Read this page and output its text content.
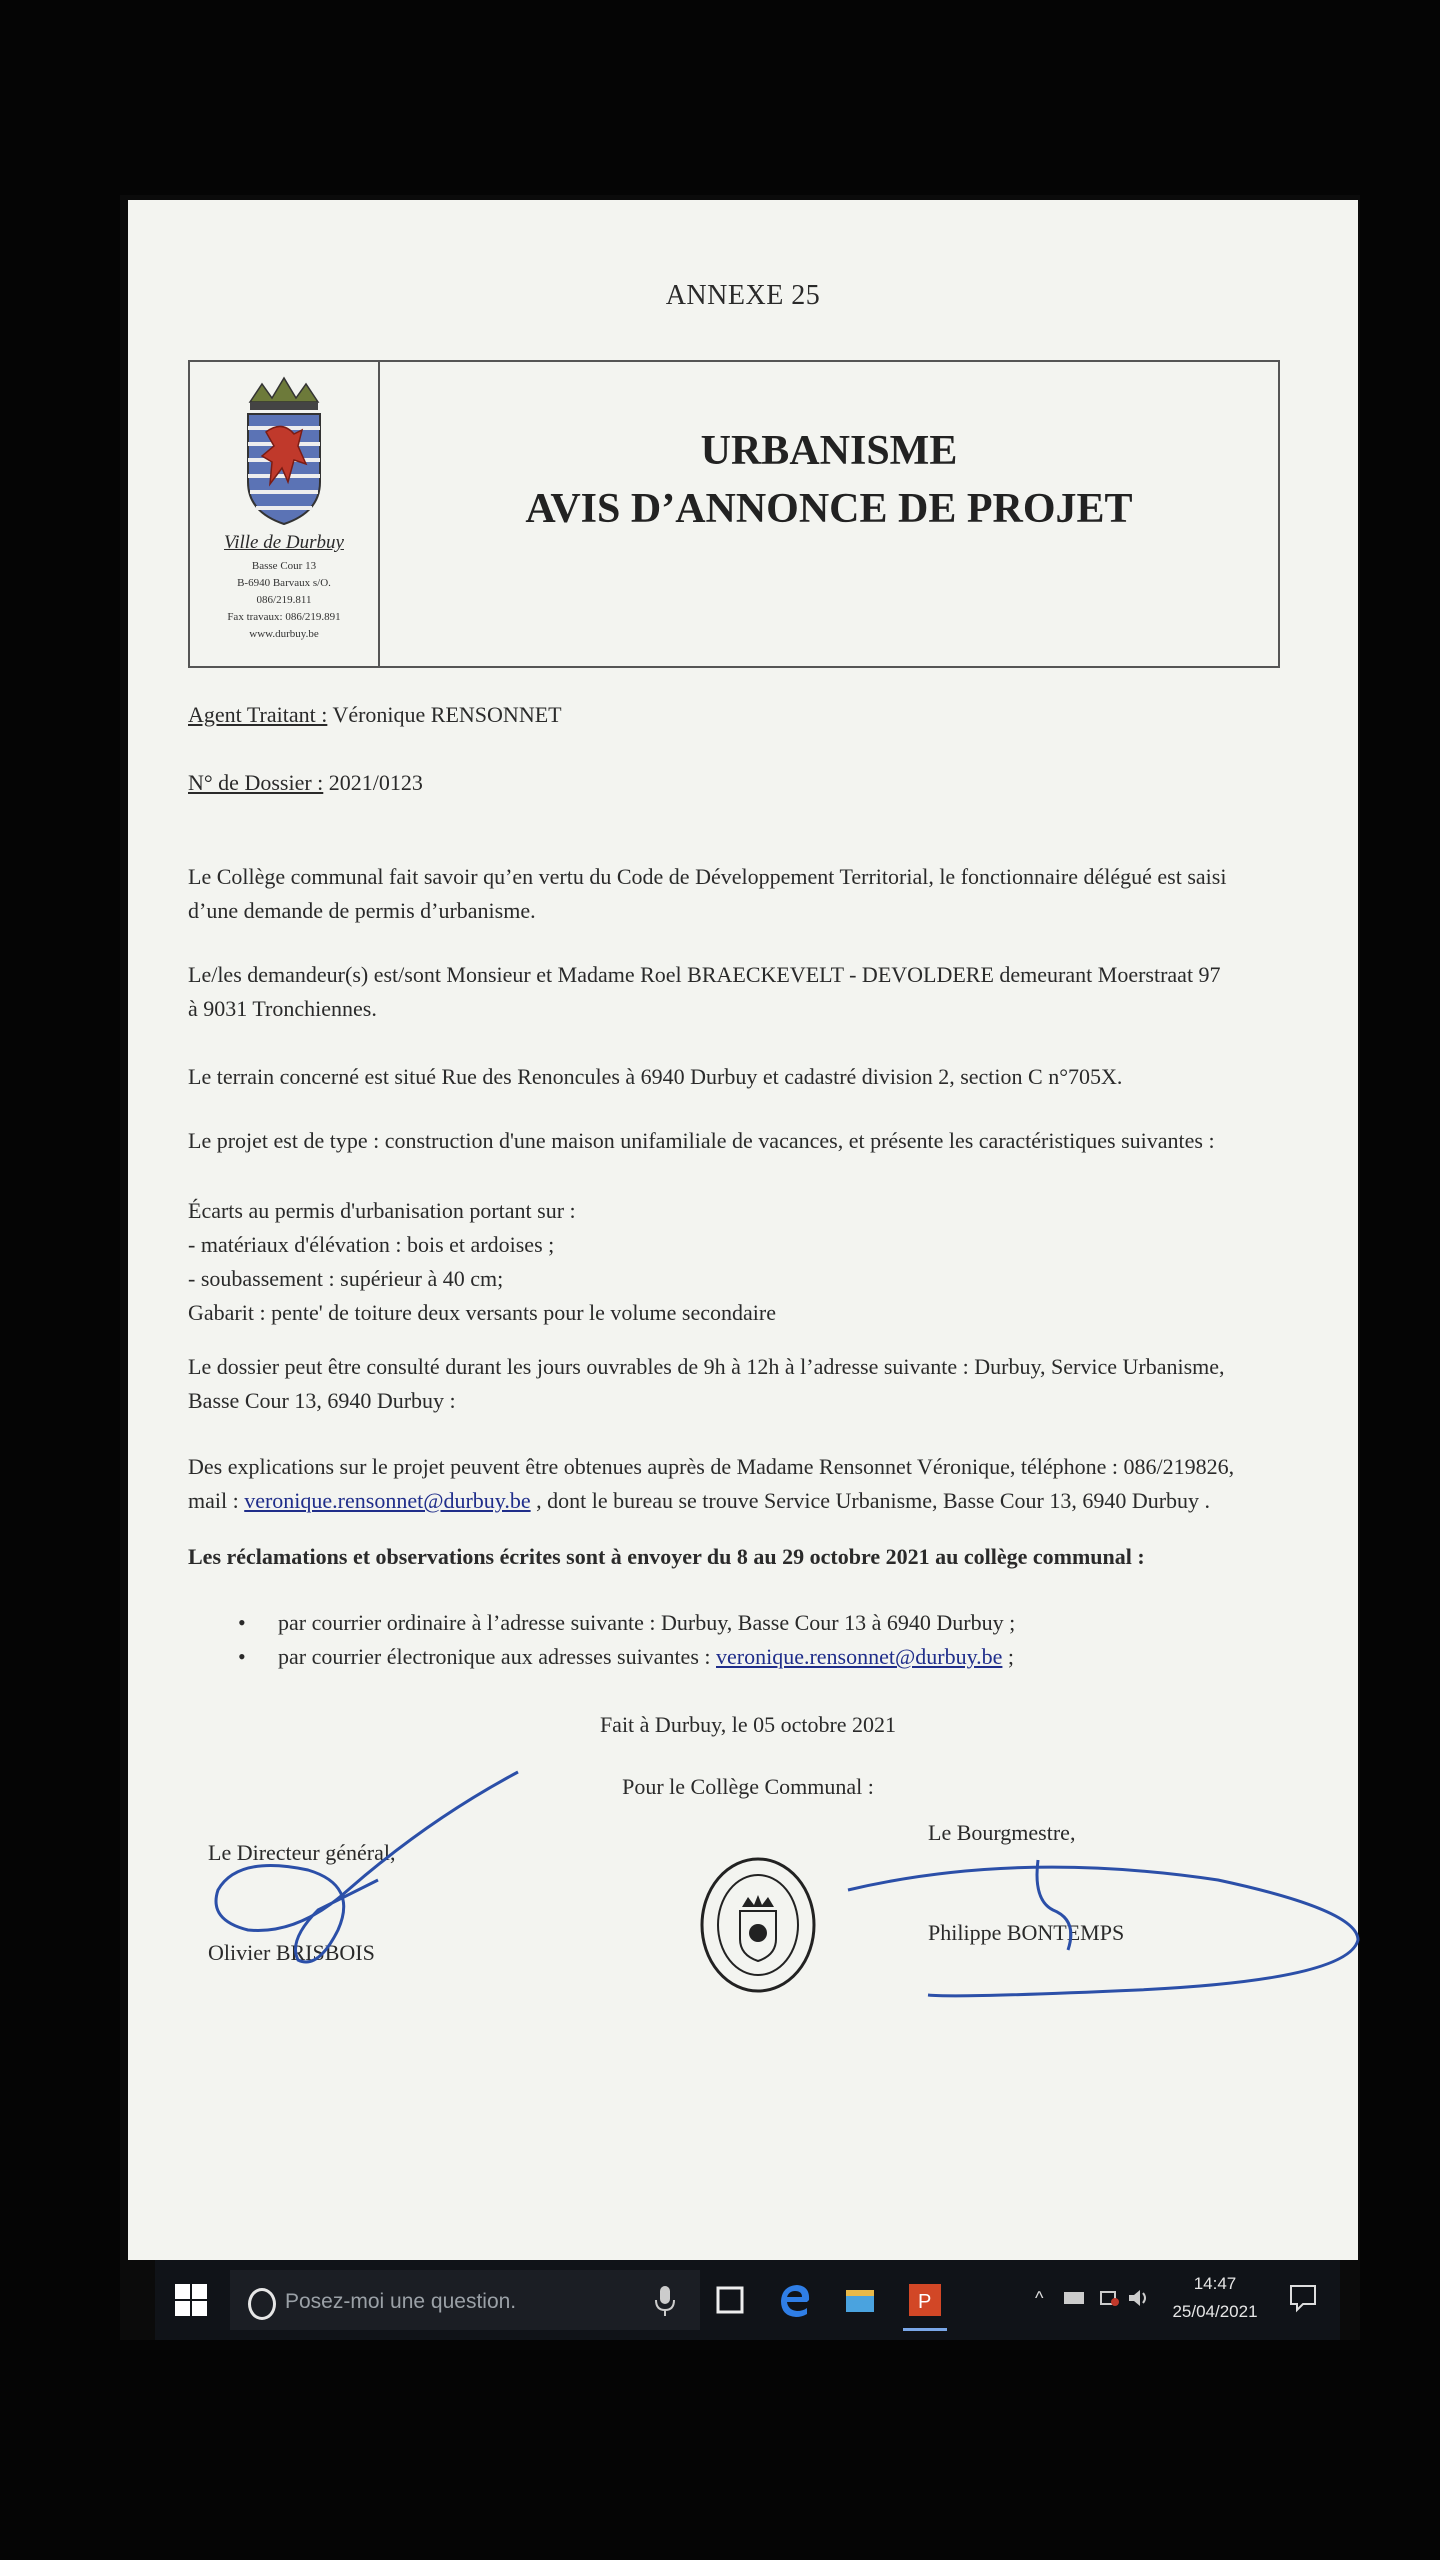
ANNEXE 25
Ville de Durbuy
Basse Cour 13
B-6940 Barvaux s/O.
086/219.811
Fax travaux: 086/219.891
www.durbuy.be
URBANISME
AVIS D’ANNONCE DE PROJET
Agent Traitant : Véronique RENSONNET
N° de Dossier : 2021/0123
Le Collège communal fait savoir qu’en vertu du Code de Développement Territorial, le fonctionnaire délégué est saisi
d’une demande de permis d’urbanisme.
Le/les demandeur(s) est/sont Monsieur et Madame Roel BRAECKEVELT - DEVOLDERE demeurant Moerstraat 97
à 9031 Tronchiennes.
Le terrain concerné est situé Rue des Renoncules à 6940 Durbuy et cadastré division 2, section C n°705X.
Le projet est de type : construction d'une maison unifamiliale de vacances, et présente les caractéristiques suivantes :
Écarts au permis d'urbanisation portant sur :
- matériaux d'élévation : bois et ardoises ;
- soubassement : supérieur à 40 cm;
Gabarit : pente' de toiture deux versants pour le volume secondaire
Le dossier peut être consulté durant les jours ouvrables de 9h à 12h à l’adresse suivante : Durbuy, Service Urbanisme,
Basse Cour 13, 6940 Durbuy :
Des explications sur le projet peuvent être obtenues auprès de Madame Rensonnet Véronique, téléphone : 086/219826,
mail : veronique.rensonnet@durbuy.be , dont le bureau se trouve Service Urbanisme, Basse Cour 13, 6940 Durbuy .
Les réclamations et observations écrites sont à envoyer du 8 au 29 octobre 2021 au collège communal :
• par courrier ordinaire à l’adresse suivante : Durbuy, Basse Cour 13 à 6940 Durbuy ;
• par courrier électronique aux adresses suivantes : veronique.rensonnet@durbuy.be ;
Fait à Durbuy, le 05 octobre 2021
Pour le Collège Communal :
Le Directeur général,
Olivier BRISBOIS
Le Bourgmestre,
Philippe BONTEMPS
Posez-moi une question.	P	^
14:47
25/04/2021
